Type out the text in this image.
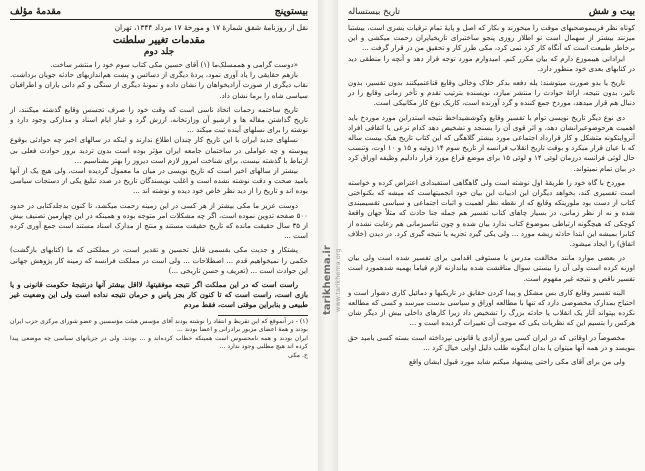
بیستوپنج
مقدمهٔ مؤلف
نقل از روزنامهٔ شفق شمارهٔ ۱۷ و مورخهٔ ۱۷ مرداد ۱۳۴۴، تهران
مقدمات تغییر سلطنت
جلد دوم

«دوست گرامی و هممسلک‌ما (۱) آقای حسین مکی کتاب سوم خود را منتشر ساخت.

بازهم حقایقی را یاد آوری نمود، پردهٔ دیگری از دسائس و پشت هم‌اندازیهای حادثه جویان برداشت. نقاب دیگری از صورت آزادیخواهان را نشان داده و نمونهٔ دیگری از ستگی و کم دانی یاران و اطرافیان سیاسی شاه را برما نشان داد.

تاریخ ساختمه زحمات اتخاذ ناسی است که وقت خود را صرف تجسس وقایع گذشته میکنند، از تاریخ گذاشتن مقاله ها و ارشیو آن وزارتخانه، ارزش گرد و غبار ایام اسناد و مدارکی وجود دارد و نوشته را برای نسلهای آینده ثبت میکند ...

نسلهای جدید ایران با این تاریخ کار چندان اطلاع ندارند و اینکه در سالهای اخیر چه حوادثی بوقوع پیوسته و چه عواملی در ساختمان جامعه ایران مؤثر بوده است بدون تردید بروز حوادث فعلی بی ارتباط با گذشته نیست، برای شناخت امروز لازم است دیروز را بهتر بشناسیم ...

بیشتر از سالهای اخیر است که تاریخ نویسی در میان ما معمول گردیده است، ولی هیچ یک از آنها بامید صحت و دقت نوشته نشده است و اغلب نویسندگان تاریخ در صدد تبلیغ یکی از دستجات سیاسی بوده اند و تاریخ را از دید نظر خاص خود دیده و نوشته اند ...

دوست عزیز ما مکی بیشتر از هر کسی در این زمینه زحمت میکشد، تا کنون بدجلدکتابی در حدود ۵۰۰ صفحه تدوین نموده است، اگر چه مشکلات امر متوجه بوده و همینکه در این چهارمین تصنیف بیش از ۳۵ سال حقیقت مانده که تاریخ حقیقت مستند و منتج از مدارک اسناد مستند است جمع آوری کرده است ...

پشتکار و جدیت مکی بقسمی قابل تحسین و تقدیر است، در مملکتی که ما (کتابهای بازگشت) حکمی را نمیخواهیم قدم ... اصطلاحات ... ولی است در مملکت فرانسه که زمینه کار پژوهش جهانی این حوادث است ... (تعریف و حسن تاریخی ...)

راست است که در این مملکت اگر نتیجه موفقیتها، لااقل بیشتر آنها درنتیجهٔ حکومت قانونی و یا بازی است، راست است که تا کنون کار بجز پاس و حرمان نتیجه نداده است ولی این وضعیت غیر طبیعی و بنابراین موقتی است، فقط مردم

(۱) - در آنموقع که این تقریظ و انتقاد را نوشته بودند آقای مؤسس هیئت مؤسسین و عضو شورای مرکزی حزب ایران بودند و همهٔ اعضای مزبور برادرانی و اعضا بودند ...

ایران بودند و همه نامحسوس است همینکه خطاب کرده‌اند و ... بودند. ولی در جریانهای سیاسی چه موضعی پیدا کرده اند هیچ مطلبی وجود ندارد ...

ح. مکی

tarikhema.ir www.tarikhema.org
بیت و شش
تاریخ بیستساله

کوتاه نظر فریبموضحبهای موقت را میخورند و بکار که اصل و پایهٔ تمام ترقیات بشری است، بیشتبا میزنند بیشتر از سهمال است نو اطلاز روزی پنجو ساختبرای تاریخیایران زحمت میکشی و این برخاطر طبیعت است که آنگاه کار کرد نمی کرد، مکی طرز کار و تحقیق من در قرار گرفت ...

ایرادانی هیبموزع دارم که بیان مکرر کنم. امیدوارم مورد توجه قرار دهد و آنچه را منطقی دید در کتابهای بعدی خود منظور دارد.

تاریخ یا بدو صورت میتوشند: یله دفعه بدکر خلاک وخالی وقایع قناعتمیکنند بدون تفسیر، بدون تاثیر، بدون نتیجه، ارائهٔ حوادث را منتشر میازد، نویسنده بترتیب تقدم و تأخر زمانی وقایع را در دنبال هم قرار میدهد، موردخ جمع کننده و گرد آورنده است، کاریک نوع کار مکانیکی است.

دی نوع دیگر تاریخ نویسی توأم با تفسیر وقایع وکوششیداخط نتیجه استدراین مورد موردخ باید اهمیت هرحوضوعیرانشان دهد، و اثر قوی آن را بسنجد و تشخیص دهد کدام نرعی یا اتفاقی افراد آنرواینکونه متشکل و کار قرارداد اجتماعی مورد بیشتر گلاهگی که این کتاب تاریخ هیک بیست ساله که با عیان قرار میکرد و بوقت تاریخ انقلاب فرانسه از تاریخ سوم ۱۴ ژوئیه و ۱۵ و ۱۰ اوت، وتنسب حال لوثی فرانسه درزمان لوئی ۱۴ و لوئی ۱۵ برای موضع قراع مورد قرار دادلیم وظیفه اوراق کرد در بیان تمام نمیتواند.

موردخ با گاه خود را طریقهٔ اول نوشته است ولی گاهگاهی استفیدادی اعتراض کرده و خواسته است تفسیری کند، بخواهد دیگران این ادبیات این بیان خود انجمیتهاست که میشه که بکنواختی کتاب از دست بود ملورینکه وقایع که از نقطه نظر اهمیت و اثبات اجتماعی و سیاسی تقسیمبندی شده و نه از نظر زمانی، در بسیار چاهای کتاب تفسیر هم جمله جنا حادث که مثلاً جهان واقعهٔ کوچکی که هیچگونه ارتباطی بموضوع کتاب ندارد بیان شده و چون تناسبزمانی هم رعایت نشده از کتابرا بمیشه این ابتدا حادثه ریشه مورد ... ولی یکی گیرد تجزیه یا نتیجه گیری کرد. در دیدن (خلاف اتفاق) را ایجاد میشود.

در بعضی موارد مانند مخالفت مدرس با مستوفی اقدامی برای تفسیر شده است ولی بیان اوزنه کرده است ولی آن را بیستی سوال مناقشت شده بیاندازنه لازم قیاما بهمیه شدهمورد است تفسیر ناقص و نتیجه غیر مفهوم است.

البته تفسیر وقایع کاری بس مشکل و پیدا کردن حقایق در تاریکیها و دمائیل کاری دشوار است و احتیاج بمدارک مخصوصی دارد که تنها با مطالعه اوراق و سیاسی بدست میرسد و کسی که مطالعه نکرده بپتواند آثار یک انقلاب یا حادثه بزرگ را تشخیص داد زیرا کارهای داخلی بیش از دیگر شان هرکس را بتسیم این که نظریات یکی که موجب آن تغییرات گردیده است و ...

مخصوصاً در اوقاتی که در ایران کسی بیرو آزادی یا قانونی نپرداخته است بسته کسی بامید حق بنویسد و در همه آنها میتوان یا بدان اینگونه طلب دلیل اوایی خیال کرد ...

ولی من برای آقای مکی راحتی پیشنهاد میکنم شاید مورد قبول ایشان واقع
